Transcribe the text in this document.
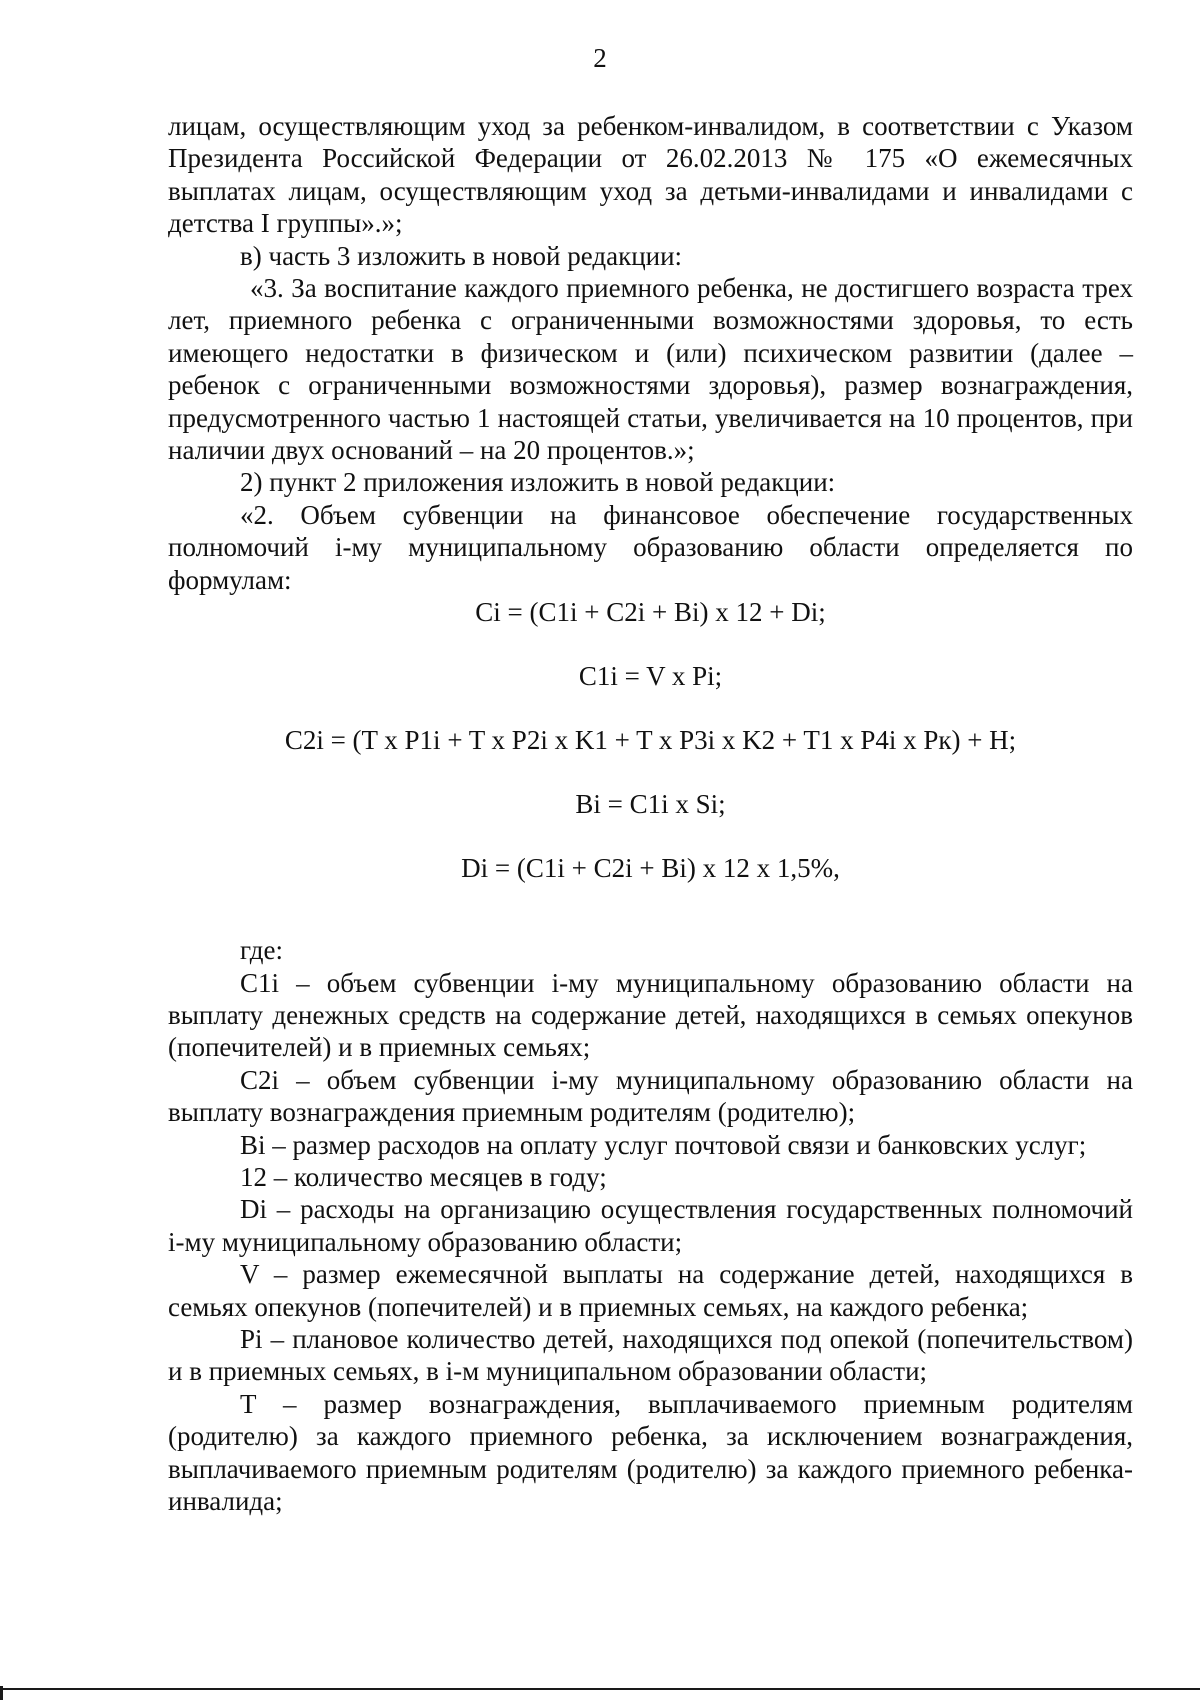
2

лицам, осуществляющим уход за ребенком-инвалидом, в соответствии с Указом Президента Российской Федерации от 26.02.2013 № 175 «О ежемесячных выплатах лицам, осуществляющим уход за детьми-инвалидами и инвалидами с детства I группы».»;

в) часть 3 изложить в новой редакции:

«3. За воспитание каждого приемного ребенка, не достигшего возраста трех лет, приемного ребенка с ограниченными возможностями здоровья, то есть имеющего недостатки в физическом и (или) психическом развитии (далее – ребенок с ограниченными возможностями здоровья), размер вознаграждения, предусмотренного частью 1 настоящей статьи, увеличивается на 10 процентов, при наличии двух оснований – на 20 процентов.»;

2) пункт 2 приложения изложить в новой редакции:

«2. Объем субвенции на финансовое обеспечение государственных полномочий i-му муниципальному образованию области определяется по формулам:

Ci = (C1i + C2i + Bi) x 12 + Di;

C1i = V x Pi;

C2i = (T x P1i + T x P2i x K1 + T x P3i x K2 + T1 x P4i x Pк) + H;

Bi = C1i x Si;

Di = (C1i + C2i + Bi) x 12 x 1,5%,

где:

C1i – объем субвенции i-му муниципальному образованию области на выплату денежных средств на содержание детей, находящихся в семьях опекунов (попечителей) и в приемных семьях;

C2i – объем субвенции i-му муниципальному образованию области на выплату вознаграждения приемным родителям (родителю);

Bi – размер расходов на оплату услуг почтовой связи и банковских услуг;

12 – количество месяцев в году;

Di – расходы на организацию осуществления государственных полномочий i-му муниципальному образованию области;

V – размер ежемесячной выплаты на содержание детей, находящихся в семьях опекунов (попечителей) и в приемных семьях, на каждого ребенка;

Pi – плановое количество детей, находящихся под опекой (попечительством) и в приемных семьях, в i-м муниципальном образовании области;

T – размер вознаграждения, выплачиваемого приемным родителям (родителю) за каждого приемного ребенка, за исключением вознаграждения, выплачиваемого приемным родителям (родителю) за каждого приемного ребенка-инвалида;
